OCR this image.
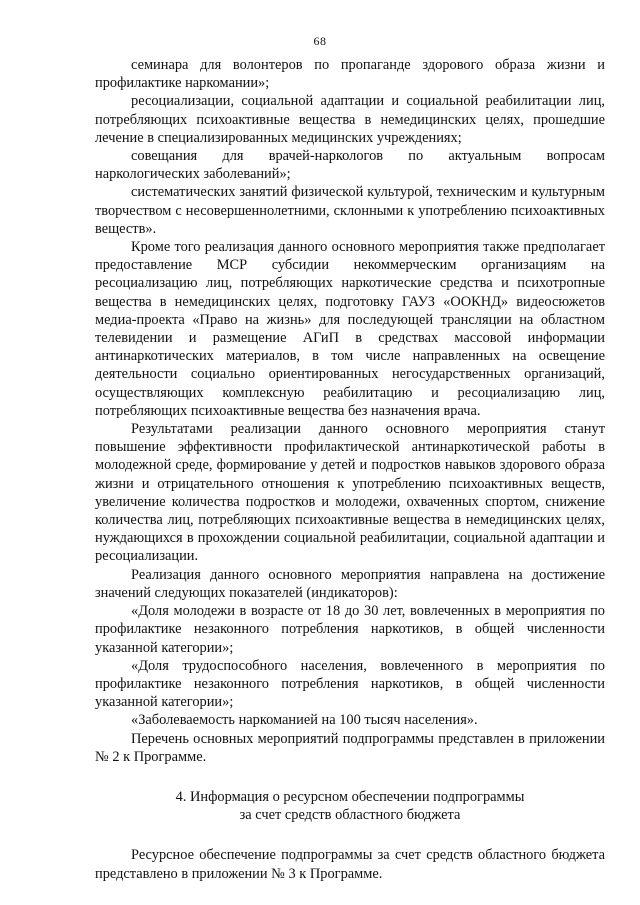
68

семинара для волонтеров по пропаганде здорового образа жизни и профилактике наркомании»;

ресоциализации, социальной адаптации и социальной реабилитации лиц, потребляющих психоактивные вещества в немедицинских целях, прошедшие лечение в специализированных медицинских учреждениях;

совещания для врачей-наркологов по актуальным вопросам наркологических заболеваний»;

систематических занятий физической культурой, техническим и культурным творчеством с несовершеннолетними, склонными к употреблению психоактивных веществ».

Кроме того реализация данного основного мероприятия также предполагает предоставление МСР субсидии некоммерческим организациям на ресоциализацию лиц, потребляющих наркотические средства и психотропные вещества в немедицинских целях, подготовку ГАУЗ «ООКНД» видеосюжетов медиа-проекта «Право на жизнь» для последующей трансляции на областном телевидении и размещение АГиП в средствах массовой информации антинаркотических материалов, в том числе направленных на освещение деятельности социально ориентированных негосударственных организаций, осуществляющих комплексную реабилитацию и ресоциализацию лиц, потребляющих психоактивные вещества без назначения врача.

Результатами реализации данного основного мероприятия станут повышение эффективности профилактической антинаркотической работы в молодежной среде, формирование у детей и подростков навыков здорового образа жизни и отрицательного отношения к употреблению психоактивных веществ, увеличение количества подростков и молодежи, охваченных спортом, снижение количества лиц, потребляющих психоактивные вещества в немедицинских целях, нуждающихся в прохождении социальной реабилитации, социальной адаптации и ресоциализации.

Реализация данного основного мероприятия направлена на достижение значений следующих показателей (индикаторов):

«Доля молодежи в возрасте от 18 до 30 лет, вовлеченных в мероприятия по профилактике незаконного потребления наркотиков, в общей численности указанной категории»;

«Доля трудоспособного населения, вовлеченного в мероприятия по профилактике незаконного потребления наркотиков, в общей численности указанной категории»;

«Заболеваемость наркоманией на 100 тысяч населения».

Перечень основных мероприятий подпрограммы представлен в приложении № 2 к Программе.

4. Информация о ресурсном обеспечении подпрограммы
за счет средств областного бюджета

Ресурсное обеспечение подпрограммы за счет средств областного бюджета представлено в приложении № 3 к Программе.
